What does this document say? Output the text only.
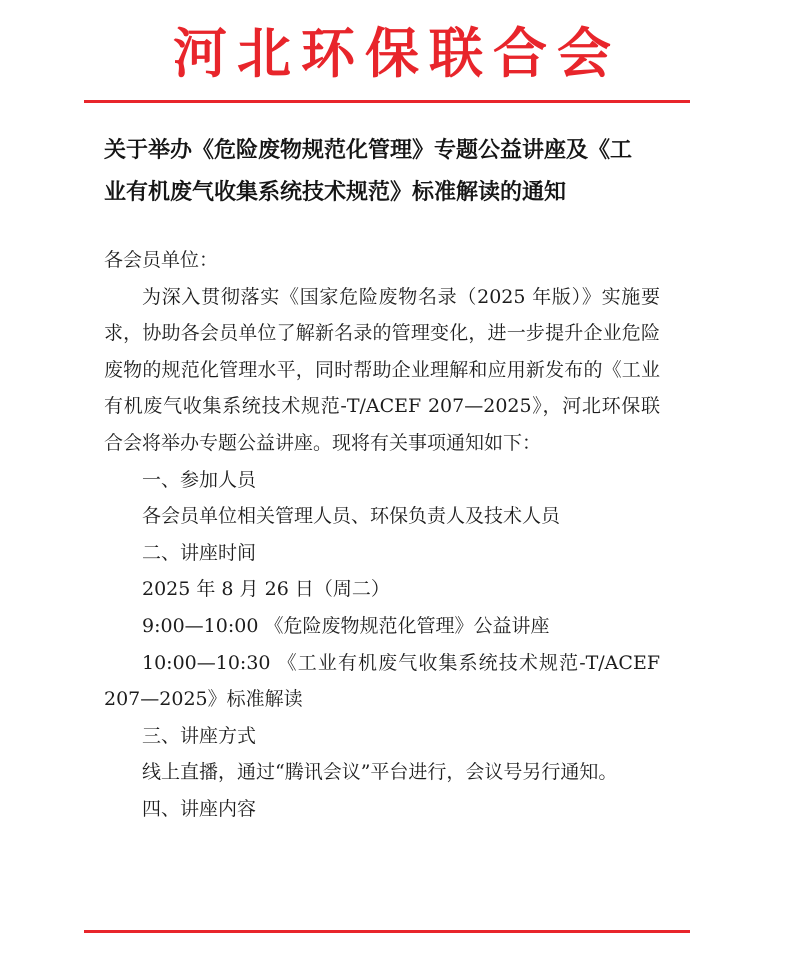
河北环保联合会
关于举办《危险废物规范化管理》专题公益讲座及《工
业有机废气收集系统技术规范》标准解读的通知

各会员单位：

为深入贯彻落实《国家危险废物名录（2025 年版）》实施要求，协助各会员单位了解新名录的管理变化，进一步提升企业危险废物的规范化管理水平，同时帮助企业理解和应用新发布的《工业有机废气收集系统技术规范-T/ACEF 207—2025》，河北环保联合会将举办专题公益讲座。现将有关事项通知如下：

一、参加人员

各会员单位相关管理人员、环保负责人及技术人员

二、讲座时间

2025 年 8 月 26 日（周二）

9:00—10:00 《危险废物规范化管理》公益讲座

10:00—10:30 《工业有机废气收集系统技术规范-T/ACEF 207—2025》标准解读

三、讲座方式

线上直播，通过“腾讯会议”平台进行，会议号另行通知。

四、讲座内容
